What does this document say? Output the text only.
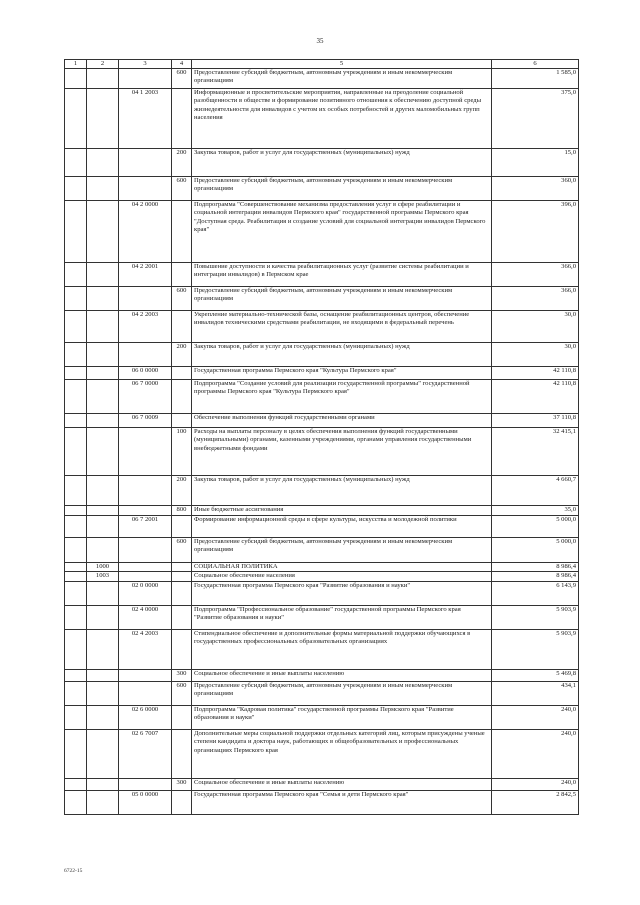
35
1	2	3	4	5	6
			600	Предоставление субсидий бюджетным, автономным учреждениям и иным некоммерческим организациям	1 585,0
		04 1 2003		Информационные и просветительские мероприятия, направленные на преодоление социальной разобщенности в обществе и формирование позитивного отношения к обеспечению доступной среды жизнедеятельности для инвалидов с учетом их особых потребностей и других маломобильных групп населения	375,0
			200	Закупка товаров, работ и услуг для государственных (муниципальных) нужд	15,0
			600	Предоставление субсидий бюджетным, автономным учреждениям и иным некоммерческим организациям	360,0
		04 2 0000		Подпрограмма "Совершенствование механизма предоставления услуг в сфере реабилитации и социальной интеграции инвалидов Пермского края" государственной программы Пермского края "Доступная среда. Реабилитация и создание условий для социальной интеграции инвалидов Пермского края"	396,0
		04 2 2001		Повышение доступности и качества реабилитационных услуг (развитие системы реабилитации и интеграции инвалидов) в Пермском крае	366,0
			600	Предоставление субсидий бюджетным, автономным учреждениям и иным некоммерческим организациям	366,0
		04 2 2003		Укрепление материально-технической базы, оснащение реабилитационных центров, обеспечение инвалидов техническими средствами реабилитации, не входящими в федеральный перечень	30,0
			200	Закупка товаров, работ и услуг для государственных (муниципальных) нужд	30,0
		06 0 0000		Государственная программа Пермского края "Культура Пермского края"	42 110,8
		06 7 0000		Подпрограмма "Создание условий для реализации государственной программы" государственной программы Пермского края "Культура Пермского края"	42 110,8
		06 7 0009		Обеспечение выполнения функций государственными органами	37 110,8
			100	Расходы на выплаты персоналу в целях обеспечения выполнения функций государственными (муниципальными) органами, казенными учреждениями, органами управления государственными внебюджетными фондами	32 415,1
			200	Закупка товаров, работ и услуг для государственных (муниципальных) нужд	4 660,7
			800	Иные бюджетные ассигнования	35,0
		06 7 2001		Формирование информационной среды в сфере культуры, искусства и молодежной политики	5 000,0
			600	Предоставление субсидий бюджетным, автономным учреждениям и иным некоммерческим организациям	5 000,0
	1000			СОЦИАЛЬНАЯ ПОЛИТИКА	8 986,4
	1003			Социальное обеспечение населения	8 986,4
		02 0 0000		Государственная программа Пермского края "Развитие образования и науки"	6 143,9
		02 4 0000		Подпрограмма "Профессиональное образование" государственной программы Пермского края "Развитие образования и науки"	5 903,9
		02 4 2003		Стипендиальное обеспечение и дополнительные формы материальной поддержки обучающихся в государственных профессиональных образовательных организациях	5 903,9
			300	Социальное обеспечение и иные выплаты населению	5 469,8
			600	Предоставление субсидий бюджетным, автономным учреждениям и иным некоммерческим организациям	434,1
		02 6 0000		Подпрограмма "Кадровая политика" государственной программы Пермского края "Развитие образования и науки"	240,0
		02 6 7007		Дополнительные меры социальной поддержки отдельных категорий лиц, которым присуждены ученые степени кандидата и доктора наук, работающих в общеобразовательных и профессиональных организациях Пермского края	240,0
			300	Социальное обеспечение и иные выплаты населению	240,0
		05 0 0000		Государственная программа Пермского края "Семья и дети Пермского края"	2 842,5
6722-15
